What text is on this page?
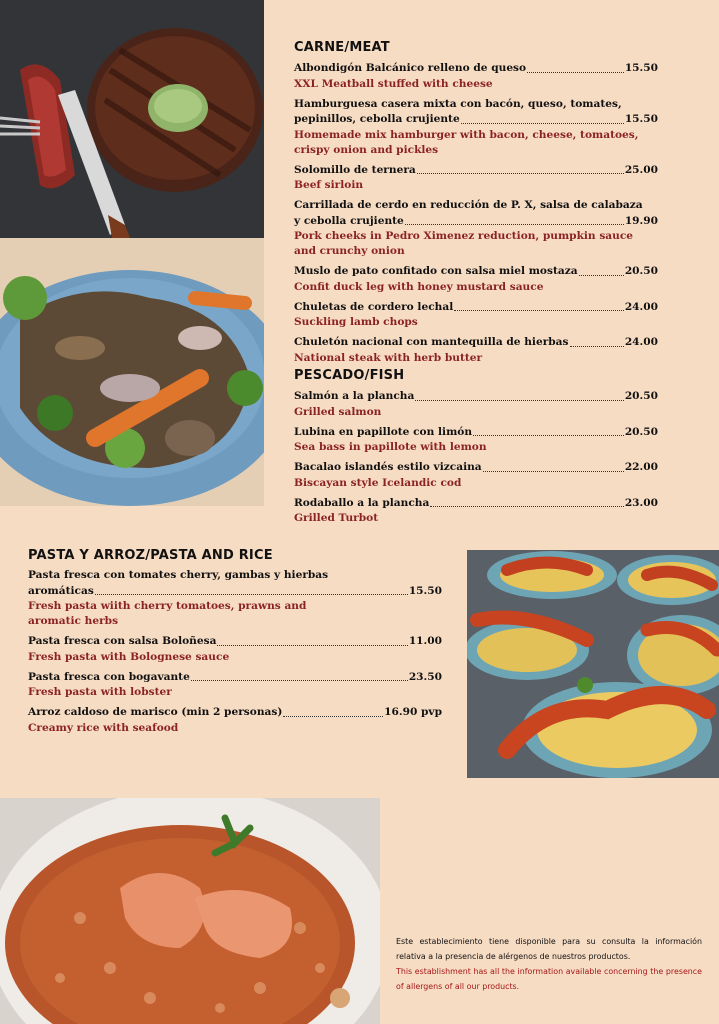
CARNE/MEAT
Albondigón Balcánico relleno de queso	15.50
XXL Meatball stuffed with cheese
Hamburguesa casera mixta con bacón, queso, tomates,
pepinillos, cebolla crujiente	15.50
Homemade mix hamburger with bacon, cheese, tomatoes,
crispy onion and pickles
Solomillo de ternera	25.00
Beef sirloin
Carrillada de cerdo en reducción de P. X, salsa de calabaza
y cebolla crujiente	19.90
Pork cheeks in Pedro Ximenez reduction, pumpkin sauce
and crunchy onion
Muslo de pato confitado con salsa miel mostaza	20.50
Confit duck leg with honey mustard sauce
Chuletas de cordero lechal	24.00
Suckling lamb chops
Chuletón nacional con mantequilla de hierbas	24.00
National steak with herb butter
PESCADO/FISH
Salmón a la plancha	20.50
Grilled salmon
Lubina en papillote con limón	20.50
Sea bass in papillote with lemon
Bacalao islandés estilo vizcaina	22.00
Biscayan style Icelandic cod
Rodaballo a la plancha	23.00
Grilled Turbot
PASTA Y ARROZ/PASTA AND RICE
Pasta fresca con tomates cherry, gambas y hierbas
aromáticas	15.50
Fresh pasta wiith cherry tomatoes, prawns and
aromatic herbs
Pasta fresca con salsa Boloñesa	11.00
Fresh pasta with Bolognese sauce
Pasta fresca con bogavante	23.50
Fresh pasta with lobster
Arroz caldoso de marisco (min 2 personas)	16.90 pvp
Creamy rice with seafood
Este establecimiento tiene disponible para su consulta la información relativa a la presencia de alérgenos de nuestros productos.
This establishment has all the information available concerning the presence of allergens of all our products.
